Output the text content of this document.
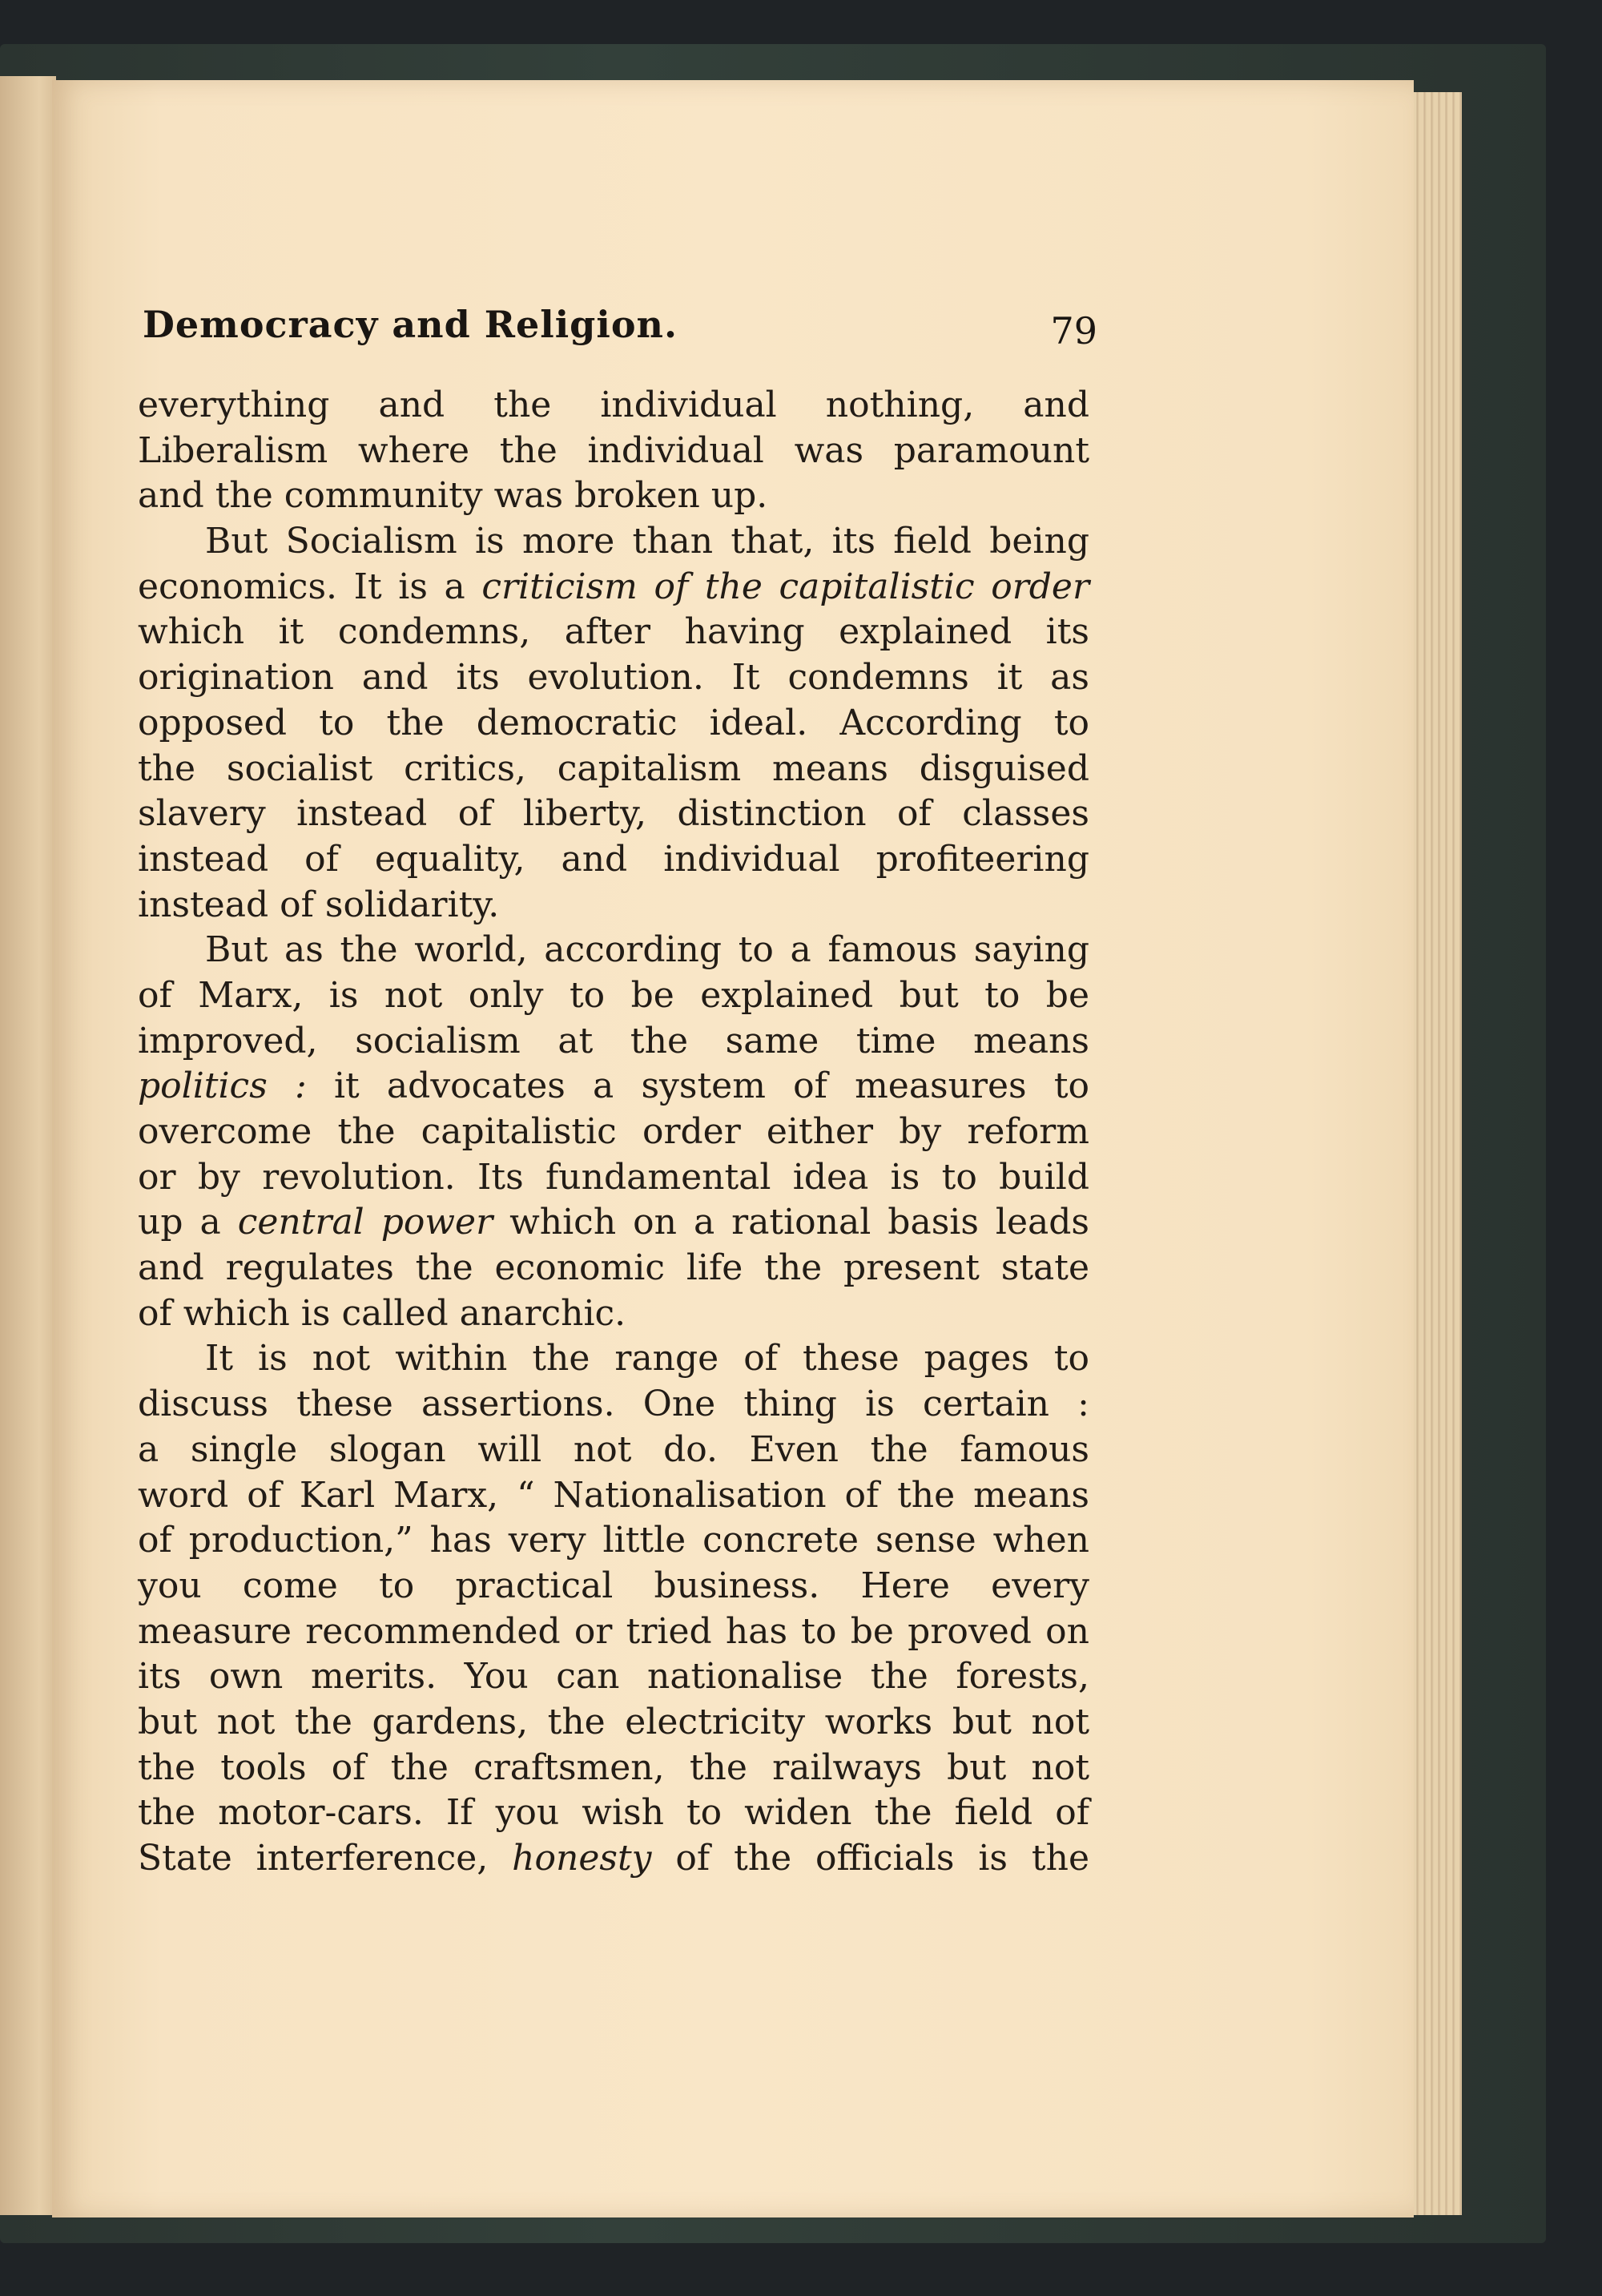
Democracy and Religion.	79
everything and the individual nothing, and
Liberalism where the individual was paramount
and the community was broken up.
But Socialism is more than that, its field being
economics. It is a criticism of the capitalistic order
which it condemns, after having explained its
origination and its evolution. It condemns it as
opposed to the democratic ideal. According to
the socialist critics, capitalism means disguised
slavery instead of liberty, distinction of classes
instead of equality, and individual profiteering
instead of solidarity.
But as the world, according to a famous saying
of Marx, is not only to be explained but to be
improved, socialism at the same time means
politics : it advocates a system of measures to
overcome the capitalistic order either by reform
or by revolution. Its fundamental idea is to build
up a central power which on a rational basis leads
and regulates the economic life the present state
of which is called anarchic.
It is not within the range of these pages to
discuss these assertions. One thing is certain :
a single slogan will not do. Even the famous
word of Karl Marx, “ Nationalisation of the means
of production,” has very little concrete sense when
you come to practical business. Here every
measure recommended or tried has to be proved on
its own merits. You can nationalise the forests,
but not the gardens, the electricity works but not
the tools of the craftsmen, the railways but not
the motor-cars. If you wish to widen the field of
State interference, honesty of the officials is the
